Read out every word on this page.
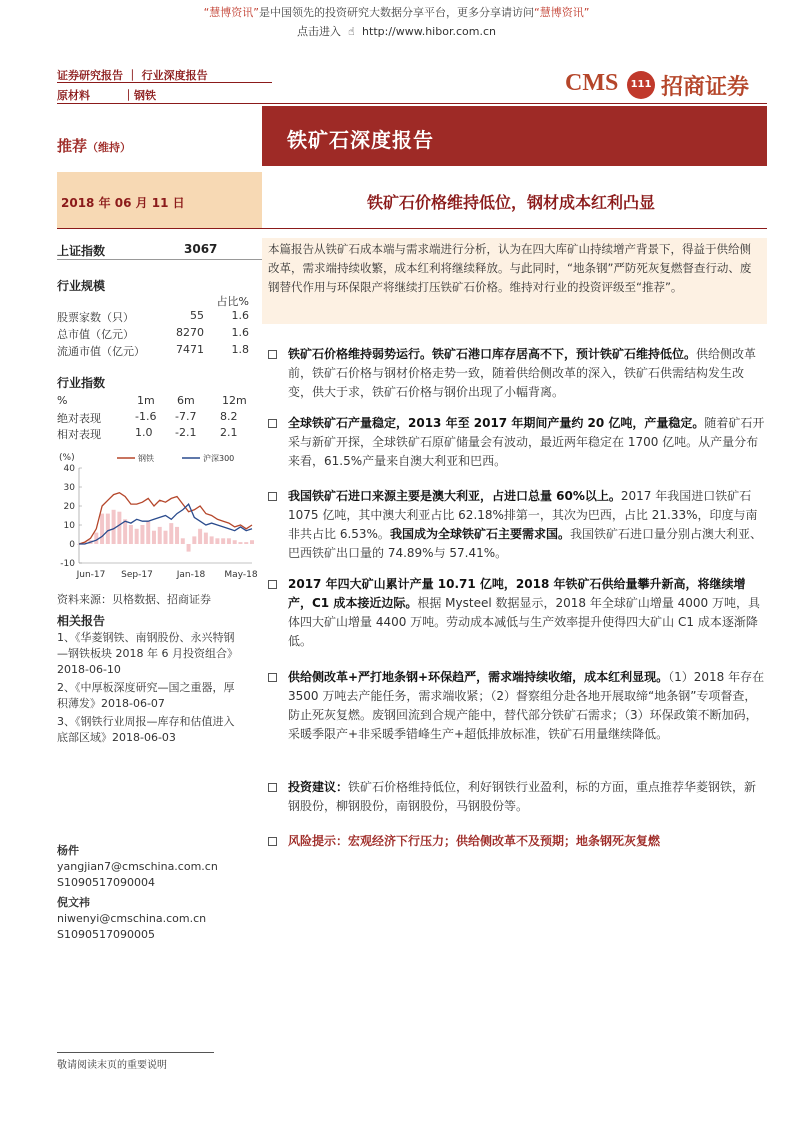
“慧博资讯”是中国领先的投资研究大数据分享平台，更多分享请访问“慧博资讯”
点击进入 ☝ http://www.hibor.com.cn
证券研究报告 ｜ 行业深度报告
原材料　　　｜钢铁	CMS	111 招商证券
推荐（维持）	铁矿石深度报告
2018 年 06 月 11 日	铁矿石价格维持低位，钢材成本红利凸显
上证指数	3067
行业规模
占比%
股票家数（只）	55	1.6
总市值（亿元）	8270	1.6
流通市值（亿元）	7471	1.8
行业指数
%	1m 6m 12m
绝对表现	-1.6 -7.7 8.2
相对表现	1.0 -2.1 2.1
(%)	钢铁	沪深300
40
30
20
10
0
-10
Jun-17 Sep-17	Jan-18 May-18
资料来源：贝格数据、招商证券
相关报告
1、《华菱钢铁、南钢股份、永兴特钢
—钢铁板块 2018 年 6 月投资组合》
2018-06-10
2、《中厚板深度研究—国之重器，厚
积薄发》2018-06-07
3、《钢铁行业周报—库存和估值进入
底部区域》2018-06-03
杨件
yangjian7@cmschina.com.cn
S1090517090004
倪文祎
niwenyi@cmschina.com.cn
S1090517090005
敬请阅读末页的重要说明
本篇报告从铁矿石成本端与需求端进行分析，认为在四大库矿山持续增产背景下，得益于供给侧改革，需求端持续收繁，成本红利将继续释放。与此同时，“地条钢”严防死灰复燃督查行动、废钢替代作用与环保限产将继续打压铁矿石价格。维持对行业的投资评级至“推荐”。
铁矿石价格维持弱势运行。铁矿石港口库存居高不下，预计铁矿石维持低位。供给侧改革前，铁矿石价格与钢材价格走势一致，随着供给侧改革的深入，铁矿石供需结构发生改变，供大于求，铁矿石价格与钢价出现了小幅背离。
全球铁矿石产量稳定，2013 年至 2017 年期间产量约 20 亿吨，产量稳定。随着矿石开采与新矿开探，全球铁矿石原矿储量会有波动，最近两年稳定在 1700 亿吨。从产量分布来看，61.5%产量来自澳大利亚和巴西。
我国铁矿石进口来源主要是澳大利亚，占进口总量 60%以上。2017 年我国进口铁矿石 1075 亿吨，其中澳大利亚占比 62.18%排第一，其次为巴西，占比 21.33%，印度与南非共占比 6.53%。我国成为全球铁矿石主要需求国。我国铁矿石进口量分别占澳大利亚、巴西铁矿出口量的 74.89%与 57.41%。
2017 年四大矿山累计产量 10.71 亿吨，2018 年铁矿石供给量攀升新高，将继续增产，C1 成本接近边际。根据 Mysteel 数据显示，2018 年全球矿山增量 4000 万吨，具体四大矿山增量 4400 万吨。劳动成本减低与生产效率提升使得四大矿山 C1 成本逐渐降低。
供给侧改革+严打地条钢+环保趋严，需求端持续收缩，成本红利显现。（1）2018 年存在 3500 万吨去产能任务，需求端收紧；（2）督察组分赴各地开展取缔“地条钢”专项督查，防止死灰复燃。废钢回流到合规产能中，替代部分铁矿石需求；（3）环保政策不断加码，采暖季限产+非采暖季错峰生产+超低排放标准，铁矿石用量继续降低。
投资建议：铁矿石价格维持低位，利好钢铁行业盈利，标的方面，重点推荐华菱钢铁，新钢股份，柳钢股份，南钢股份，马钢股份等。
风险提示：宏观经济下行压力；供给侧改革不及预期；地条钢死灰复燃
